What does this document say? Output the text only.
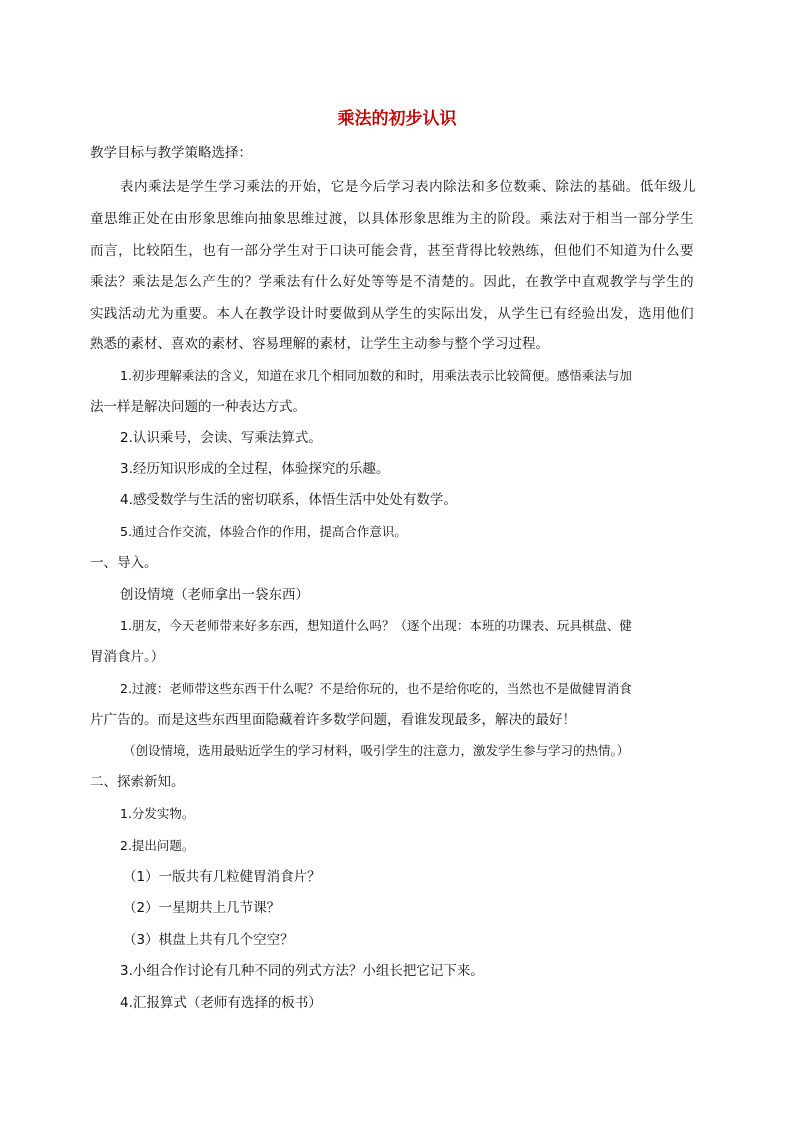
乘法的初步认识
教学目标与教学策略选择：
表内乘法是学生学习乘法的开始，它是今后学习表内除法和多位数乘、除法的基础。低年级儿
童思维正处在由形象思维向抽象思维过渡，以具体形象思维为主的阶段。乘法对于相当一部分学生
而言，比较陌生，也有一部分学生对于口诀可能会背，甚至背得比较熟练，但他们不知道为什么要
乘法？乘法是怎么产生的？学乘法有什么好处等等是不清楚的。因此，在教学中直观教学与学生的
实践活动尤为重要。本人在教学设计时要做到从学生的实际出发，从学生已有经验出发，选用他们
熟悉的素材、喜欢的素材、容易理解的素材，让学生主动参与整个学习过程。
1.初步理解乘法的含义，知道在求几个相同加数的和时，用乘法表示比较简便。感悟乘法与加
法一样是解决问题的一种表达方式。
2.认识乘号，会读、写乘法算式。
3.经历知识形成的全过程，体验探究的乐趣。
4.感受数学与生活的密切联系，体悟生活中处处有数学。
5.通过合作交流，体验合作的作用，提高合作意识。
一、导入。
创设情境（老师拿出一袋东西）
1.朋友，今天老师带来好多东西，想知道什么吗？（逐个出现：本班的功课表、玩具棋盘、健
胃消食片。）
2.过渡：老师带这些东西干什么呢？不是给你玩的，也不是给你吃的，当然也不是做健胃消食
片广告的。而是这些东西里面隐藏着许多数学问题，看谁发现最多，解决的最好！
（创设情境，选用最贴近学生的学习材料，吸引学生的注意力，激发学生参与学习的热情。）
二、探索新知。
1.分发实物。
2.提出问题。
（1）一版共有几粒健胃消食片？
（2）一星期共上几节课？
（3）棋盘上共有几个空空？
3.小组合作讨论有几种不同的列式方法？小组长把它记下来。
4.汇报算式（老师有选择的板书）
